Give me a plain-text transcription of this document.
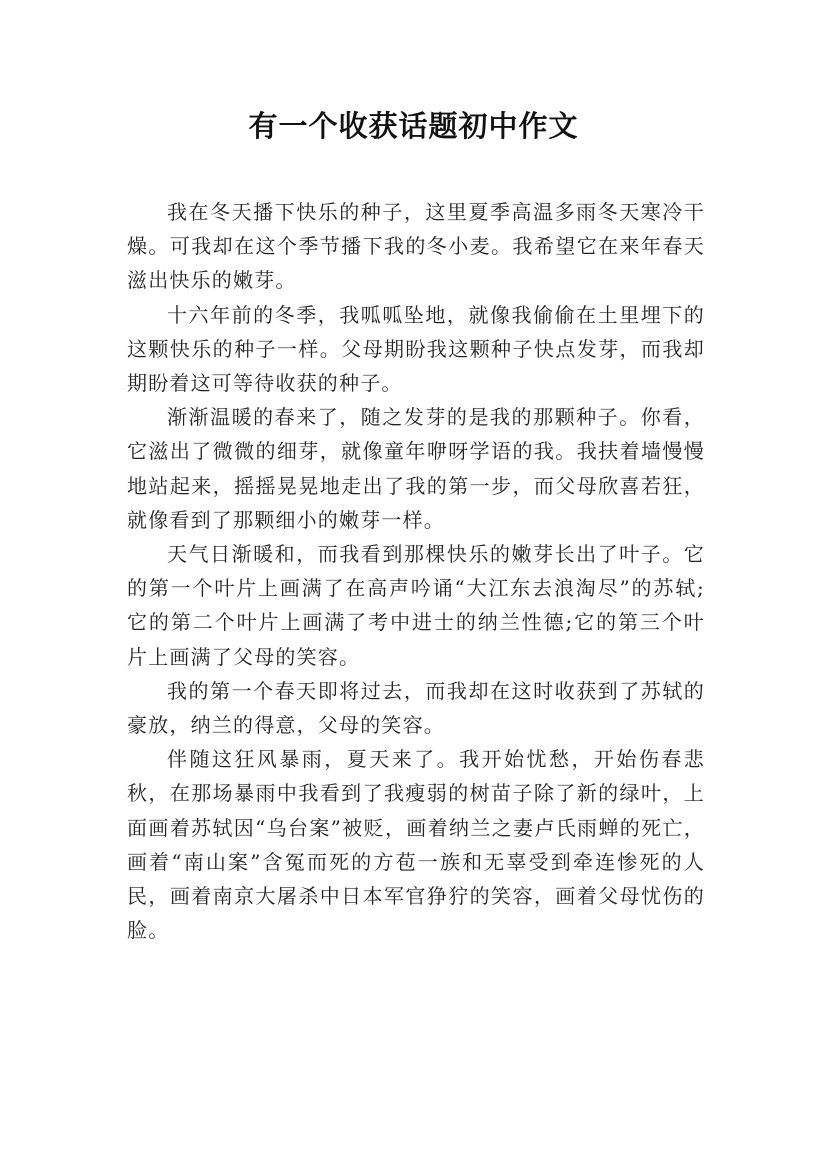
有一个收获话题初中作文

我在冬天播下快乐的种子，这里夏季高温多雨冬天寒冷干燥。可我却在这个季节播下我的冬小麦。我希望它在来年春天滋出快乐的嫩芽。

十六年前的冬季，我呱呱坠地，就像我偷偷在土里埋下的这颗快乐的种子一样。父母期盼我这颗种子快点发芽，而我却期盼着这可等待收获的种子。

渐渐温暖的春来了，随之发芽的是我的那颗种子。你看，它滋出了微微的细芽，就像童年咿呀学语的我。我扶着墙慢慢地站起来，摇摇晃晃地走出了我的第一步，而父母欣喜若狂，就像看到了那颗细小的嫩芽一样。

天气日渐暖和，而我看到那棵快乐的嫩芽长出了叶子。它的第一个叶片上画满了在高声吟诵“大江东去浪淘尽”的苏轼;它的第二个叶片上画满了考中进士的纳兰性德;它的第三个叶片上画满了父母的笑容。

我的第一个春天即将过去，而我却在这时收获到了苏轼的豪放，纳兰的得意，父母的笑容。

伴随这狂风暴雨，夏天来了。我开始忧愁，开始伤春悲秋，在那场暴雨中我看到了我瘦弱的树苗子除了新的绿叶，上面画着苏轼因“乌台案”被贬，画着纳兰之妻卢氏雨蝉的死亡，画着“南山案”含冤而死的方苞一族和无辜受到牵连惨死的人民，画着南京大屠杀中日本军官狰狞的笑容，画着父母忧伤的脸。
